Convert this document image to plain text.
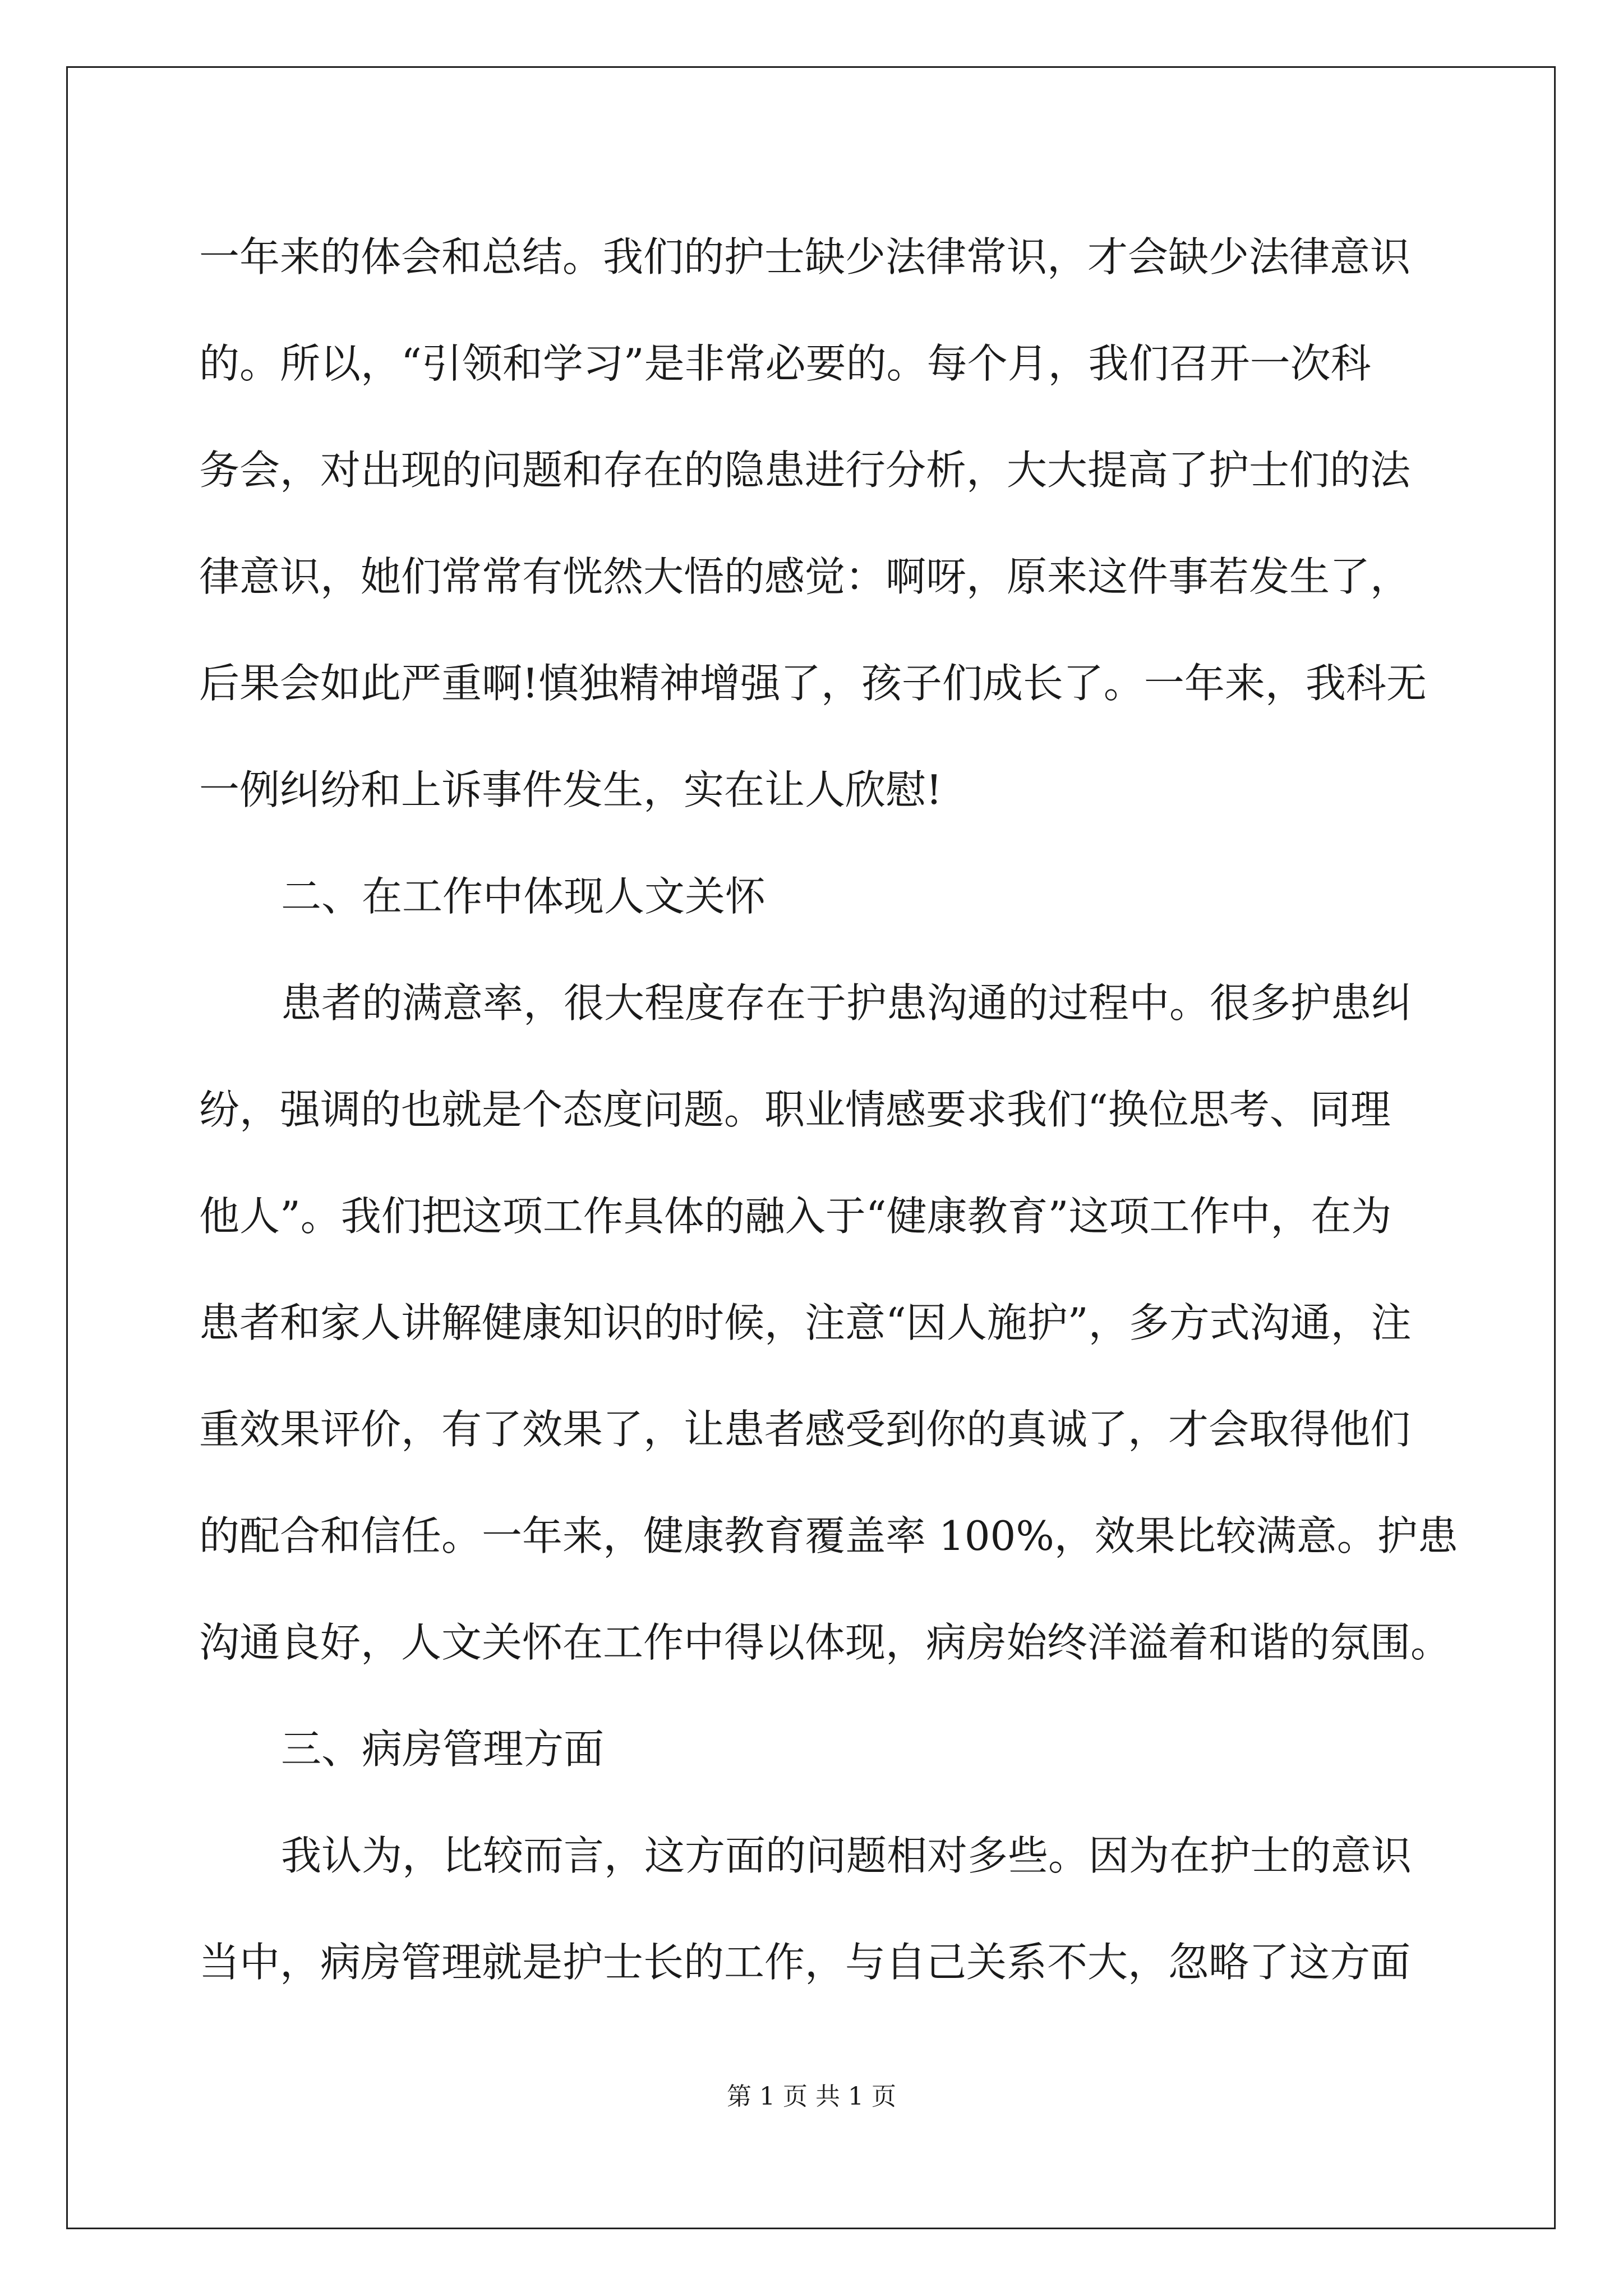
一年来的体会和总结。我们的护士缺少法律常识，才会缺少法律意识
的。所以，“引领和学习”是非常必要的。每个月，我们召开一次科
务会，对出现的问题和存在的隐患进行分析，大大提高了护士们的法
律意识，她们常常有恍然大悟的感觉：啊呀，原来这件事若发生了，
后果会如此严重啊!慎独精神增强了，孩子们成长了。一年来，我科无
一例纠纷和上诉事件发生，实在让人欣慰!
二、在工作中体现人文关怀
患者的满意率，很大程度存在于护患沟通的过程中。很多护患纠
纷，强调的也就是个态度问题。职业情感要求我们“换位思考、同理
他人”。我们把这项工作具体的融入于“健康教育”这项工作中，在为
患者和家人讲解健康知识的时候，注意“因人施护”，多方式沟通，注
重效果评价，有了效果了，让患者感受到你的真诚了，才会取得他们
的配合和信任。一年来，健康教育覆盖率 100%，效果比较满意。护患
沟通良好，人文关怀在工作中得以体现，病房始终洋溢着和谐的氛围。
三、病房管理方面
我认为，比较而言，这方面的问题相对多些。因为在护士的意识
当中，病房管理就是护士长的工作，与自己关系不大，忽略了这方面
第 1 页 共 1 页
